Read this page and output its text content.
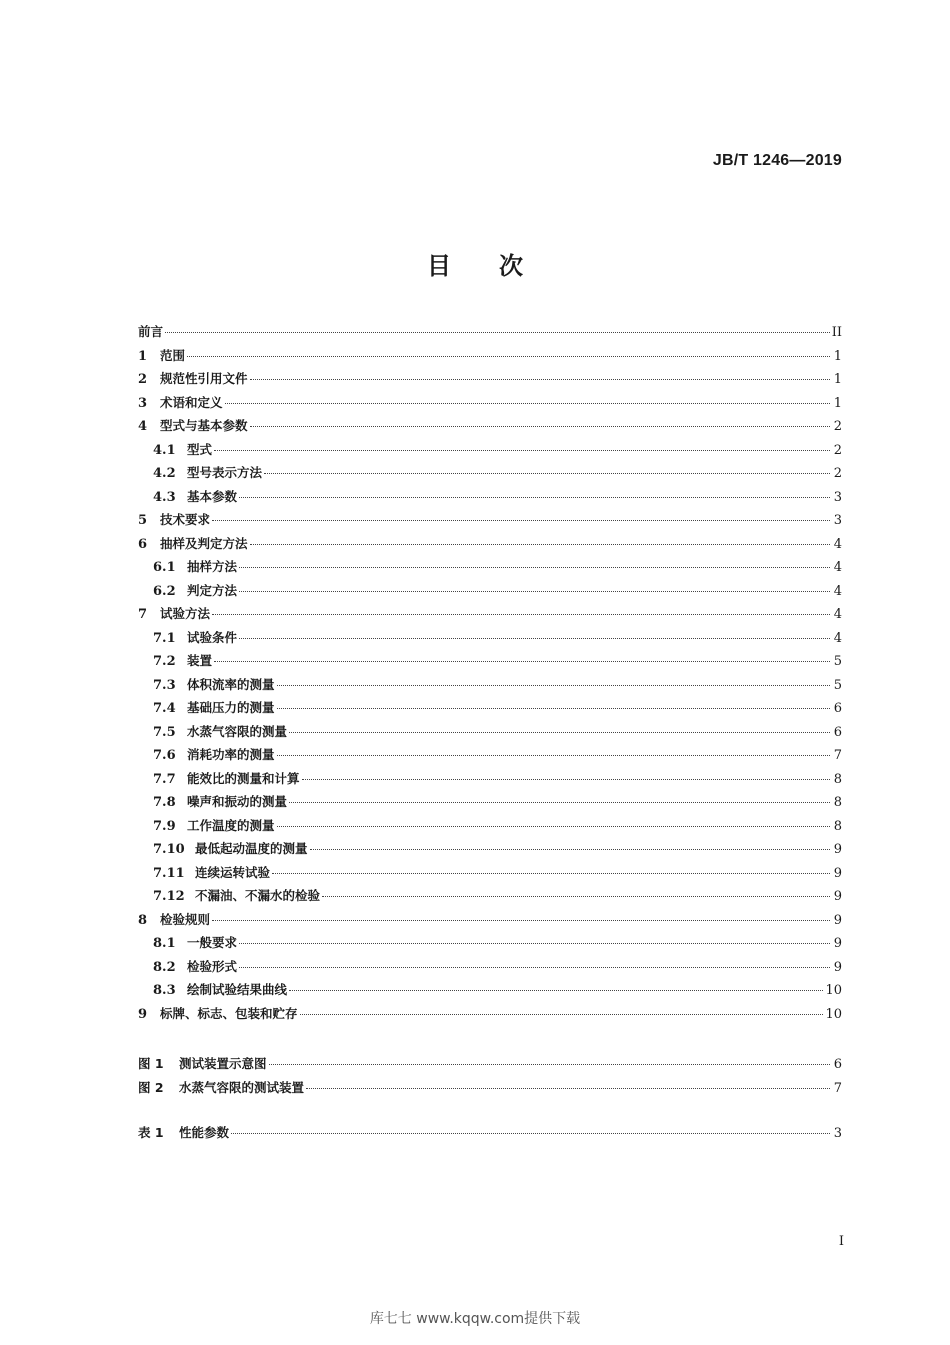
JB/T 1246—2019
目次
前言	II
1	范围	1
2	规范性引用文件	1
3	术语和定义	1
4	型式与基本参数	2
4.1 型式	2
4.2 型号表示方法	2
4.3 基本参数	3
5	技术要求	3
6	抽样及判定方法	4
6.1 抽样方法	4
6.2 判定方法	4
7	试验方法	4
7.1 试验条件	4
7.2 装置	5
7.3 体积流率的测量	5
7.4 基础压力的测量	6
7.5 水蒸气容限的测量	6
7.6 消耗功率的测量	7
7.7 能效比的测量和计算	8
7.8 噪声和振动的测量	8
7.9 工作温度的测量	8
7.10 最低起动温度的测量	9
7.11 连续运转试验	9
7.12 不漏油、不漏水的检验	9
8	检验规则	9
8.1 一般要求	9
8.2 检验形式	9
8.3 绘制试验结果曲线	10
9	标牌、标志、包装和贮存	10
图 1	测试装置示意图	6
图 2	水蒸气容限的测试装置	7
表 1	性能参数	3
I
库七七 www.kqqw.com提供下载
